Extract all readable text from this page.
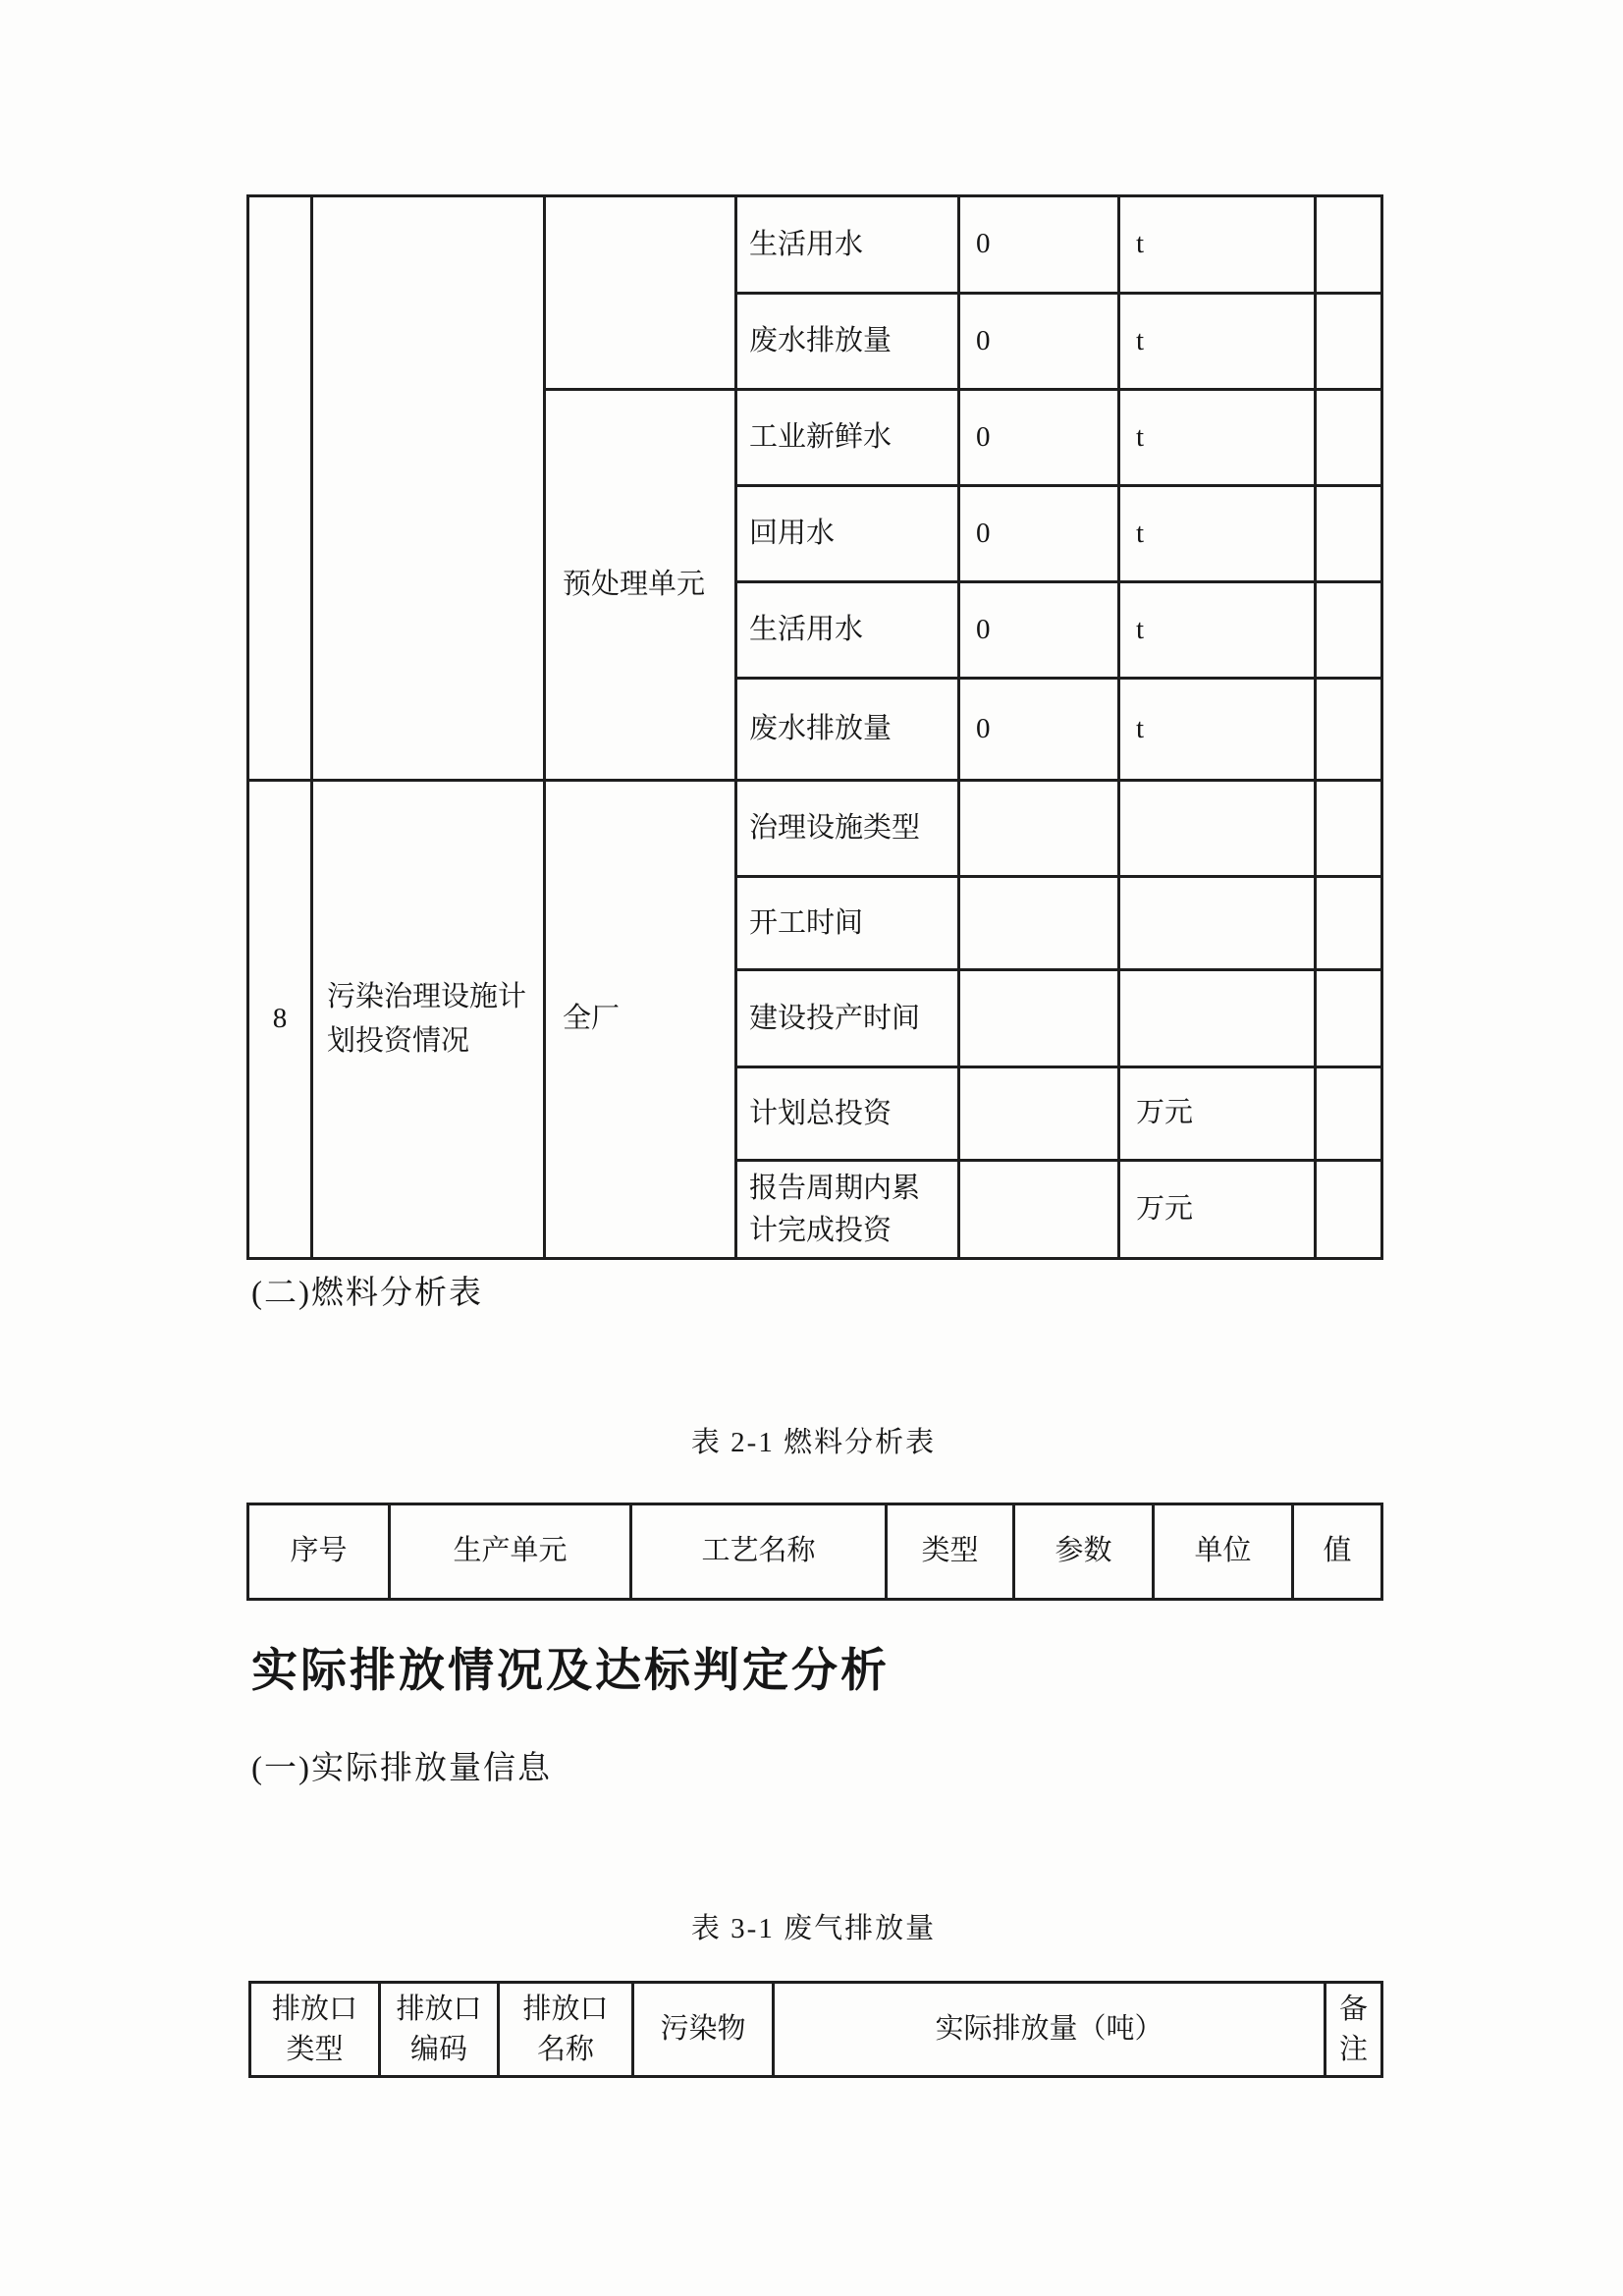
			生活用水	0	t	
			废水排放量	0	t	
		预处理单元	工业新鲜水	0	t	
			回用水	0	t	
			生活用水	0	t	
			废水排放量	0	t	
8	污染治理设施计划投资情况	全厂	治理设施类型			
			开工时间			
			建设投产时间			
			计划总投资		万元	
			报告周期内累计完成投资		万元	
(二)燃料分析表
表 2-1 燃料分析表
序号	生产单元	工艺名称	类型	参数	单位	值
实际排放情况及达标判定分析
(一)实际排放量信息
表 3-1 废气排放量
排放口类型	排放口编码	排放口名称	污染物	实际排放量（吨）	备注
